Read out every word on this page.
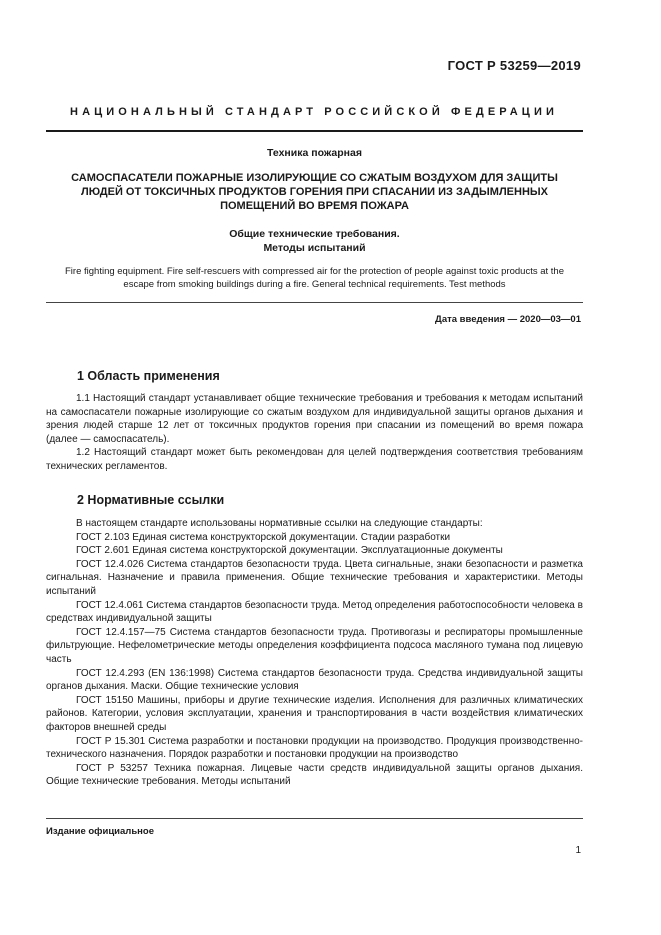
ГОСТ Р 53259—2019
НАЦИОНАЛЬНЫЙ СТАНДАРТ РОССИЙСКОЙ ФЕДЕРАЦИИ
Техника пожарная
САМОСПАСАТЕЛИ ПОЖАРНЫЕ ИЗОЛИРУЮЩИЕ СО СЖАТЫМ ВОЗДУХОМ ДЛЯ ЗАЩИТЫ
ЛЮДЕЙ ОТ ТОКСИЧНЫХ ПРОДУКТОВ ГОРЕНИЯ ПРИ СПАСАНИИ ИЗ ЗАДЫМЛЕННЫХ
ПОМЕЩЕНИЙ ВО ВРЕМЯ ПОЖАРА
Общие технические требования.
Методы испытаний
Fire fighting equipment. Fire self-rescuers with compressed air for the protection of people against toxic products at the
escape from smoking buildings during a fire. General technical requirements. Test methods
Дата введения — 2020—03—01
1 Область применения

1.1 Настоящий стандарт устанавливает общие технические требования и требования к методам испытаний на самоспасатели пожарные изолирующие со сжатым воздухом для индивидуальной защиты органов дыхания и зрения людей старше 12 лет от токсичных продуктов горения при спасании из помещений во время пожара (далее — самоспасатель).

1.2 Настоящий стандарт может быть рекомендован для целей подтверждения соответствия требованиям технических регламентов.

2 Нормативные ссылки

В настоящем стандарте использованы нормативные ссылки на следующие стандарты:

ГОСТ 2.103 Единая система конструкторской документации. Стадии разработки

ГОСТ 2.601 Единая система конструкторской документации. Эксплуатационные документы

ГОСТ 12.4.026 Система стандартов безопасности труда. Цвета сигнальные, знаки безопасности и разметка сигнальная. Назначение и правила применения. Общие технические требования и характеристики. Методы испытаний

ГОСТ 12.4.061 Система стандартов безопасности труда. Метод определения работоспособности человека в средствах индивидуальной защиты

ГОСТ 12.4.157—75 Система стандартов безопасности труда. Противогазы и респираторы промышленные фильтрующие. Нефелометрические методы определения коэффициента подсоса масляного тумана под лицевую часть

ГОСТ 12.4.293 (EN 136:1998) Система стандартов безопасности труда. Средства индивидуальной защиты органов дыхания. Маски. Общие технические условия

ГОСТ 15150 Машины, приборы и другие технические изделия. Исполнения для различных климатических районов. Категории, условия эксплуатации, хранения и транспортирования в части воздействия климатических факторов внешней среды

ГОСТ Р 15.301 Система разработки и постановки продукции на производство. Продукция производственно-технического назначения. Порядок разработки и постановки продукции на производство

ГОСТ Р 53257 Техника пожарная. Лицевые части средств индивидуальной защиты органов дыхания. Общие технические требования. Методы испытаний

Издание официальное
1
